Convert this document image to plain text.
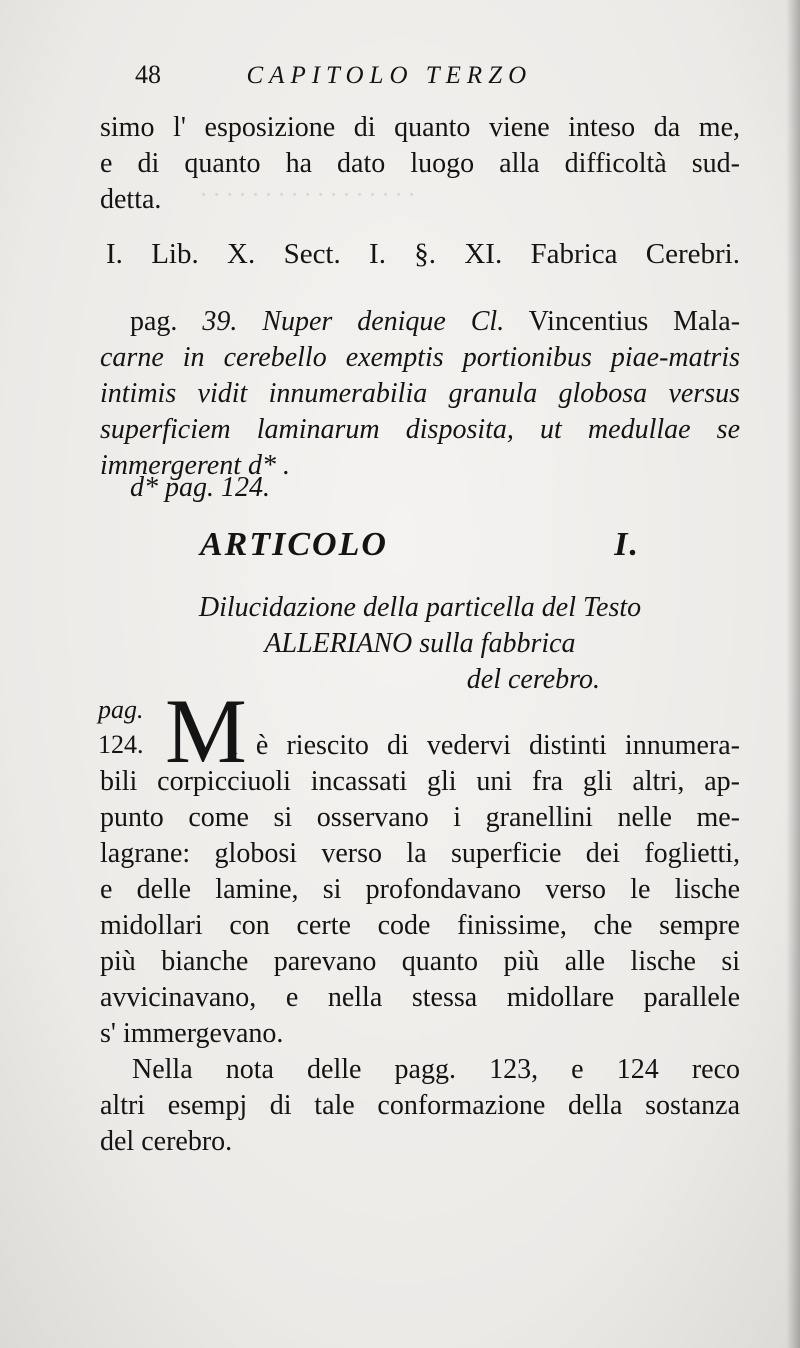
· · · · · · · · · · · · · · · · ·
48	CAPITOLO TERZO
simo l' esposizione di quanto viene inteso da me,
e di quanto ha dato luogo alla difficoltà sud-
detta.
I. Lib. X. Sect. I. §. XI. Fabrica Cerebri.
pag. 39. Nuper denique Cl. Vincentius Mala-
carne in cerebello exemptis portionibus piae-matris
intimis vidit innumerabilia granula globosa versus
superficiem laminarum disposita, ut medullae se
immergerent d* .
d* pag. 124.
ARTICOLO I.
Dilucidazione della particella del Testo
ALLERIANO sulla fabbrica
del cerebro.
pag.
124. M
i è riescito di vedervi distinti innumera-
bili corpicciuoli incassati gli uni fra gli altri, ap-
punto come si osservano i granellini nelle me-
lagrane: globosi verso la superficie dei foglietti,
e delle lamine, si profondavano verso le lische
midollari con certe code finissime, che sempre
più bianche parevano quanto più alle lische si
avvicinavano, e nella stessa midollare parallele
s' immergevano.
Nella nota delle pagg. 123, e 124 reco
altri esempj di tale conformazione della sostanza
del cerebro.
